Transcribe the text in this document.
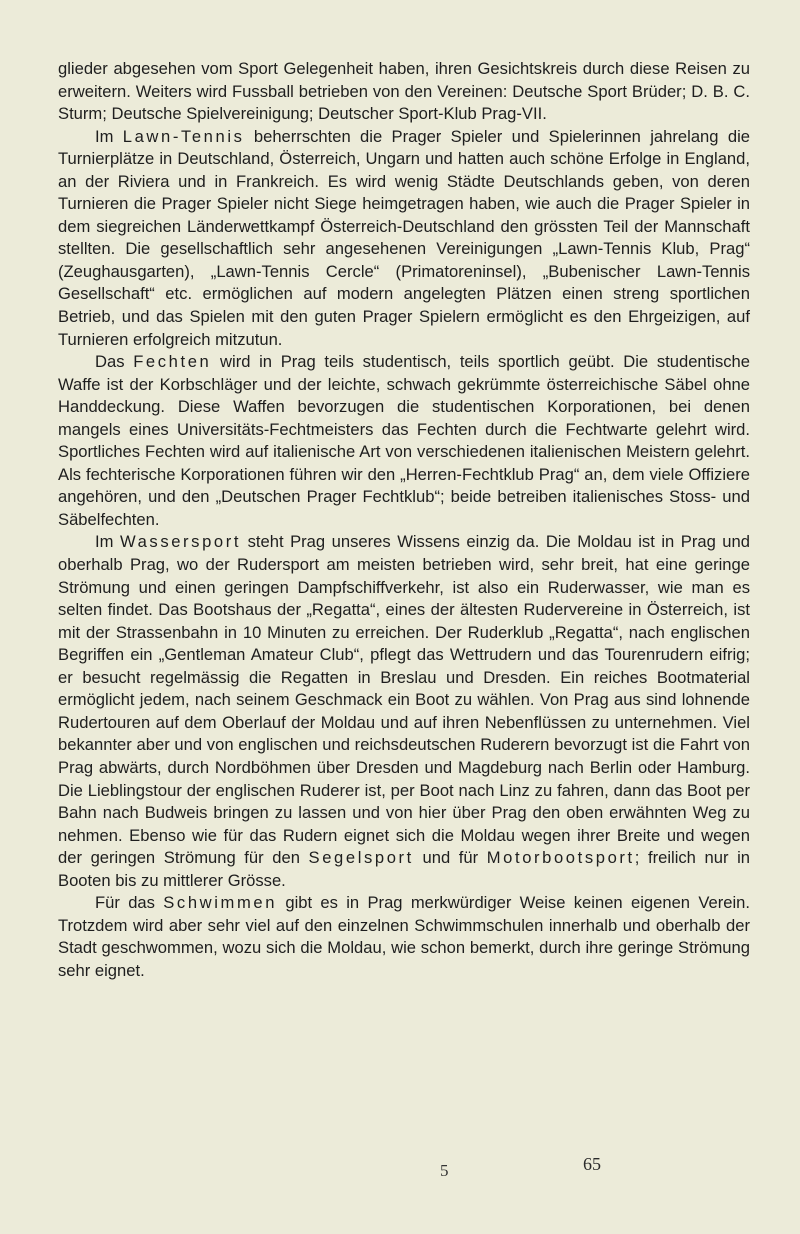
glieder abgesehen vom Sport Gelegenheit haben, ihren Gesichtskreis durch diese Reisen zu erweitern. Weiters wird Fussball betrieben von den Vereinen: Deutsche Sport Brüder; D. B. C. Sturm; Deutsche Spielvereinigung; Deutscher Sport-Klub Prag-VII.

Im Lawn-Tennis beherrschten die Prager Spieler und Spielerinnen jahrelang die Turnierplätze in Deutschland, Österreich, Ungarn und hatten auch schöne Erfolge in England, an der Riviera und in Frankreich. Es wird wenig Städte Deutschlands geben, von deren Turnieren die Prager Spieler nicht Siege heimgetragen haben, wie auch die Prager Spieler in dem siegreichen Länderwettkampf Österreich-Deutschland den grössten Teil der Mannschaft stellten. Die gesellschaftlich sehr angesehenen Vereinigungen „Lawn-Tennis Klub, Prag“ (Zeughausgarten), „Lawn-Tennis Cercle“ (Primatoreninsel), „Bubenischer Lawn-Tennis Gesellschaft“ etc. ermöglichen auf modern angelegten Plätzen einen streng sportlichen Betrieb, und das Spielen mit den guten Prager Spielern ermöglicht es den Ehrgeizigen, auf Turnieren erfolgreich mitzutun.

Das Fechten wird in Prag teils studentisch, teils sportlich geübt. Die studentische Waffe ist der Korbschläger und der leichte, schwach gekrümmte österreichische Säbel ohne Handdeckung. Diese Waffen bevorzugen die studentischen Korporationen, bei denen mangels eines Universitäts-Fechtmeisters das Fechten durch die Fechtwarte gelehrt wird. Sportliches Fechten wird auf italienische Art von verschiedenen italienischen Meistern gelehrt. Als fechterische Korporationen führen wir den „Herren-Fechtklub Prag“ an, dem viele Offiziere angehören, und den „Deutschen Prager Fechtklub“; beide betreiben italienisches Stoss- und Säbelfechten.

Im Wassersport steht Prag unseres Wissens einzig da. Die Moldau ist in Prag und oberhalb Prag, wo der Rudersport am meisten betrieben wird, sehr breit, hat eine geringe Strömung und einen geringen Dampfschiffverkehr, ist also ein Ruderwasser, wie man es selten findet. Das Bootshaus der „Regatta“, eines der ältesten Rudervereine in Österreich, ist mit der Strassenbahn in 10 Minuten zu erreichen. Der Ruderklub „Regatta“, nach englischen Begriffen ein „Gentleman Amateur Club“, pflegt das Wettrudern und das Tourenrudern eifrig; er besucht regelmässig die Regatten in Breslau und Dresden. Ein reiches Bootmaterial ermöglicht jedem, nach seinem Geschmack ein Boot zu wählen. Von Prag aus sind lohnende Rudertouren auf dem Oberlauf der Moldau und auf ihren Nebenflüssen zu unternehmen. Viel bekannter aber und von englischen und reichsdeutschen Ruderern bevorzugt ist die Fahrt von Prag abwärts, durch Nordböhmen über Dresden und Magdeburg nach Berlin oder Hamburg. Die Lieblingstour der englischen Ruderer ist, per Boot nach Linz zu fahren, dann das Boot per Bahn nach Budweis bringen zu lassen und von hier über Prag den oben erwähnten Weg zu nehmen. Ebenso wie für das Rudern eignet sich die Moldau wegen ihrer Breite und wegen der geringen Strömung für den Segelsport und für Motorbootsport; freilich nur in Booten bis zu mittlerer Grösse.

Für das Schwimmen gibt es in Prag merkwürdiger Weise keinen eigenen Verein. Trotzdem wird aber sehr viel auf den einzelnen Schwimmschulen innerhalb und oberhalb der Stadt geschwommen, wozu sich die Moldau, wie schon bemerkt, durch ihre geringe Strömung sehr eignet.

5	65
